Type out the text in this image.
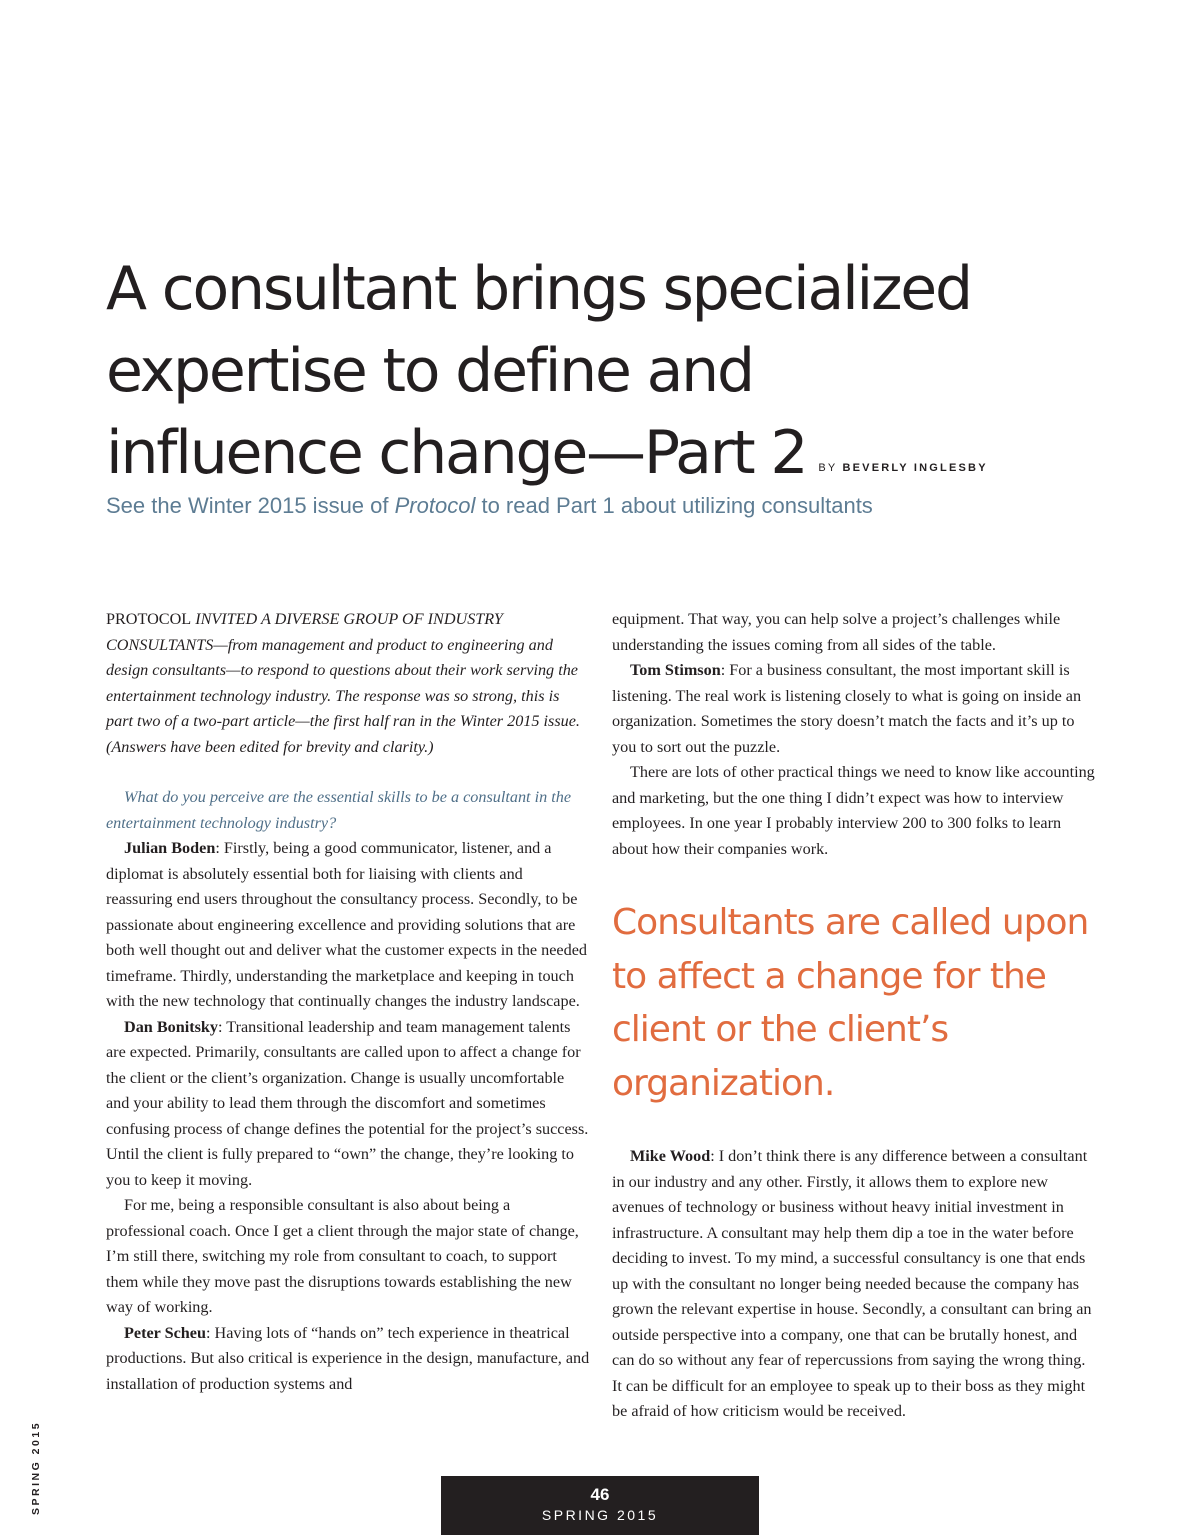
A consultant brings specialized
expertise to define and
influence change—Part 2 BY BEVERLY INGLESBY

See the Winter 2015 issue of Protocol to read Part 1 about utilizing consultants

PROTOCOL INVITED A DIVERSE GROUP OF INDUSTRY CONSULTANTS—from management and product to engineering and design consultants—to respond to questions about their work serving the entertainment technology industry. The response was so strong, this is part two of a two-part article—the first half ran in the Winter 2015 issue. (Answers have been edited for brevity and clarity.)

What do you perceive are the essential skills to be a consultant in the entertainment technology industry?

Julian Boden: Firstly, being a good communicator, listener, and a diplomat is absolutely essential both for liaising with clients and reassuring end users throughout the consultancy process. Secondly, to be passionate about engineering excellence and providing solutions that are both well thought out and deliver what the customer expects in the needed timeframe. Thirdly, understanding the marketplace and keeping in touch with the new technology that continually changes the industry landscape.

Dan Bonitsky: Transitional leadership and team management talents are expected. Primarily, consultants are called upon to affect a change for the client or the client’s organization. Change is usually uncomfortable and your ability to lead them through the discomfort and sometimes confusing process of change defines the potential for the project’s success. Until the client is fully prepared to “own” the change, they’re looking to you to keep it moving.

For me, being a responsible consultant is also about being a professional coach. Once I get a client through the major state of change, I’m still there, switching my role from consultant to coach, to support them while they move past the disruptions towards establishing the new way of working.

Peter Scheu: Having lots of “hands on” tech experience in theatrical productions. But also critical is experience in the design, manufacture, and installation of production systems and

equipment. That way, you can help solve a project’s challenges while understanding the issues coming from all sides of the table.

Tom Stimson: For a business consultant, the most important skill is listening. The real work is listening closely to what is going on inside an organization. Sometimes the story doesn’t match the facts and it’s up to you to sort out the puzzle.

There are lots of other practical things we need to know like accounting and marketing, but the one thing I didn’t expect was how to interview employees. In one year I probably interview 200 to 300 folks to learn about how their companies work.

Consultants are called upon to affect a change for the client or the client’s organization.

Mike Wood: I don’t think there is any difference between a consultant in our industry and any other. Firstly, it allows them to explore new avenues of technology or business without heavy initial investment in infrastructure. A consultant may help them dip a toe in the water before deciding to invest. To my mind, a successful consultancy is one that ends up with the consultant no longer being needed because the company has grown the relevant expertise in house. Secondly, a consultant can bring an outside perspective into a company, one that can be brutally honest, and can do so without any fear of repercussions from saying the wrong thing. It can be difficult for an employee to speak up to their boss as they might be afraid of how criticism would be received.

SPRING 2015	46
SPRING 2015
